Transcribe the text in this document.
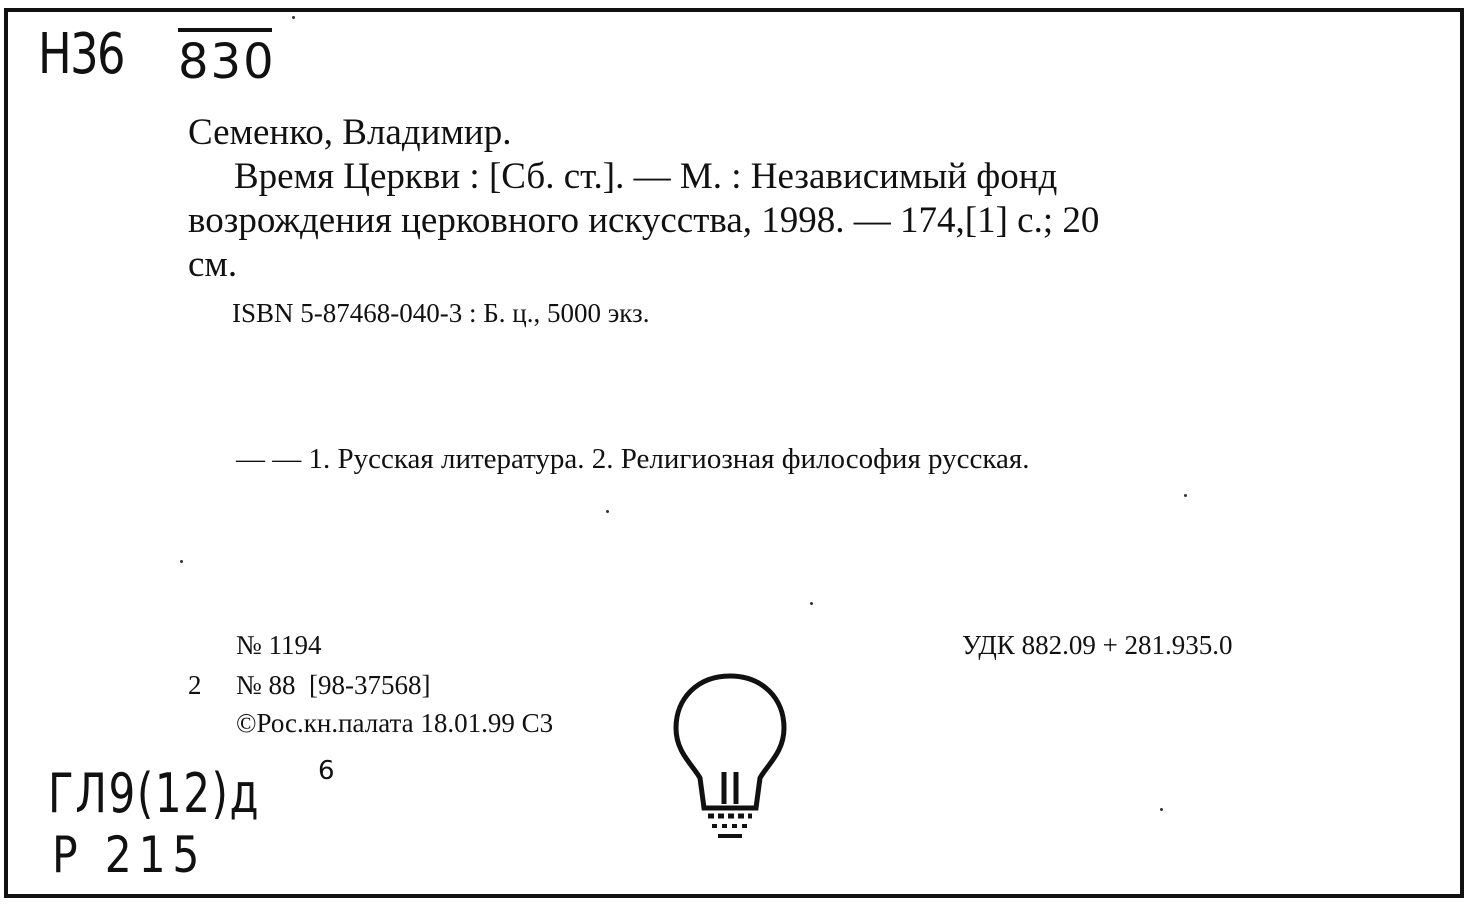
Н36 830
ГЛ9(12)д 6
Р 215
Семенко, Владимир.
Время Церкви : [Сб. ст.]. — М. : Независимый фонд
возрождения церковного искусства, 1998. — 174,[1] с.; 20
см.
ISBN 5-87468-040-3 : Б. ц., 5000 экз.
— — 1. Русская литература. 2. Религиозная философия русская.
№ 1194	УДК 882.09 + 281.935.0
2 № 88  [98-37568]
©Рос.кн.палата 18.01.99 С3
